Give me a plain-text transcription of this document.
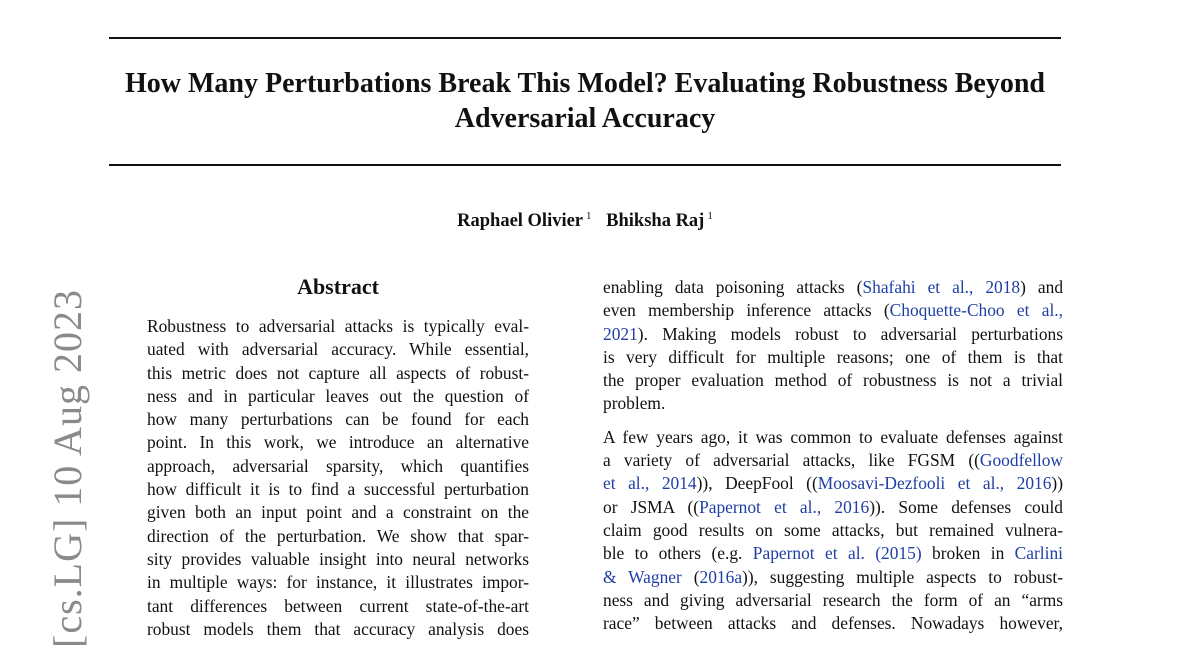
How Many Perturbations Break This Model? Evaluating Robustness Beyond
Adversarial Accuracy
Raphael Olivier $^1$ Bhiksha Raj $^1$
[cs.LG] 10 Aug 2023
Abstract
Robustness to adversarial attacks is typically eval-
uated with adversarial accuracy. While essential,
this metric does not capture all aspects of robust-
ness and in particular leaves out the question of
how many perturbations can be found for each
point. In this work, we introduce an alternative
approach, adversarial sparsity, which quantifies
how difficult it is to find a successful perturbation
given both an input point and a constraint on the
direction of the perturbation. We show that spar-
sity provides valuable insight into neural networks
in multiple ways: for instance, it illustrates impor-
tant differences between current state-of-the-art
robust models them that accuracy analysis does
enabling data poisoning attacks (Shafahi et al., 2018) and
even membership inference attacks (Choquette-Choo et al.,
2021). Making models robust to adversarial perturbations
is very difficult for multiple reasons; one of them is that
the proper evaluation method of robustness is not a trivial
problem.
A few years ago, it was common to evaluate defenses against
a variety of adversarial attacks, like FGSM ((Goodfellow
et al., 2014)), DeepFool ((Moosavi-Dezfooli et al., 2016))
or JSMA ((Papernot et al., 2016)). Some defenses could
claim good results on some attacks, but remained vulnera-
ble to others (e.g. Papernot et al. (2015) broken in Carlini
& Wagner (2016a)), suggesting multiple aspects to robust-
ness and giving adversarial research the form of an “arms
race” between attacks and defenses. Nowadays however,
